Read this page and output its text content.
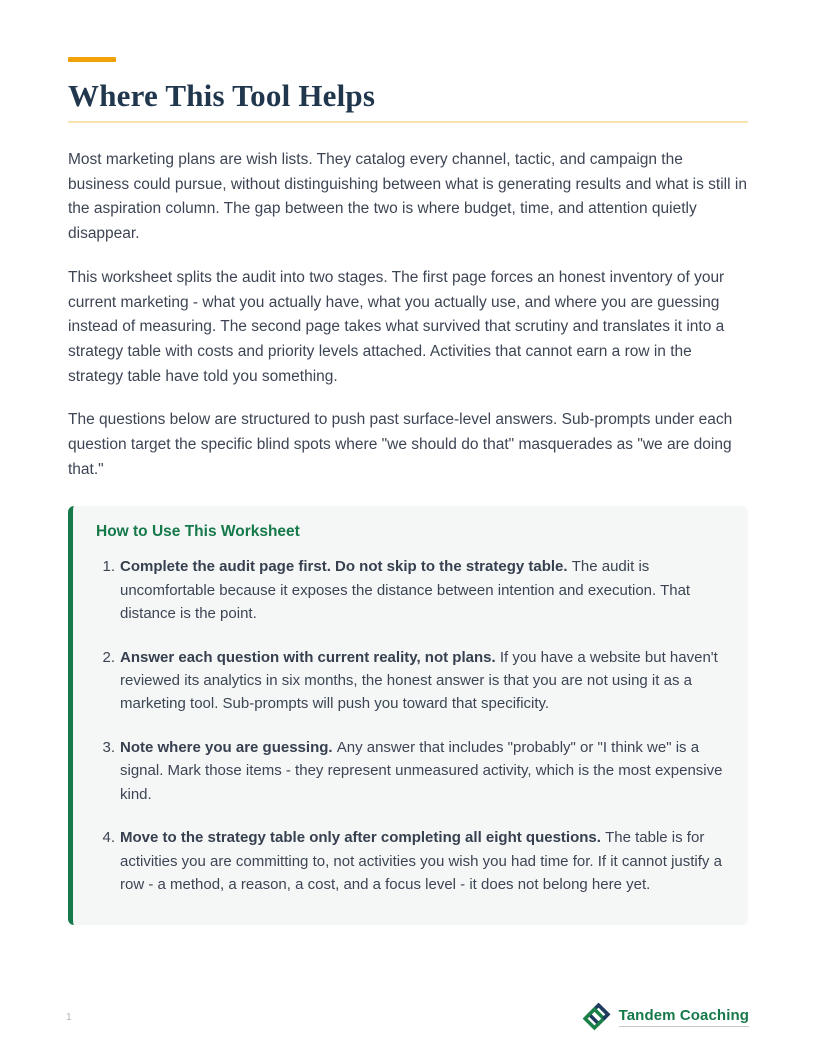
Where This Tool Helps

Most marketing plans are wish lists. They catalog every channel, tactic, and campaign the business could pursue, without distinguishing between what is generating results and what is still in the aspiration column. The gap between the two is where budget, time, and attention quietly disappear.

This worksheet splits the audit into two stages. The first page forces an honest inventory of your current marketing - what you actually have, what you actually use, and where you are guessing instead of measuring. The second page takes what survived that scrutiny and translates it into a strategy table with costs and priority levels attached. Activities that cannot earn a row in the strategy table have told you something.

The questions below are structured to push past surface-level answers. Sub-prompts under each question target the specific blind spots where "we should do that" masquerades as "we are doing that."

How to Use This Worksheet

1. Complete the audit page first. Do not skip to the strategy table. The audit is uncomfortable because it exposes the distance between intention and execution. That distance is the point.
2. Answer each question with current reality, not plans. If you have a website but haven't reviewed its analytics in six months, the honest answer is that you are not using it as a marketing tool. Sub-prompts will push you toward that specificity.
3. Note where you are guessing. Any answer that includes "probably" or "I think we" is a signal. Mark those items - they represent unmeasured activity, which is the most expensive kind.
4. Move to the strategy table only after completing all eight questions. The table is for activities you are committing to, not activities you wish you had time for. If it cannot justify a row - a method, a reason, a cost, and a focus level - it does not belong here yet.
1	Tandem Coaching
